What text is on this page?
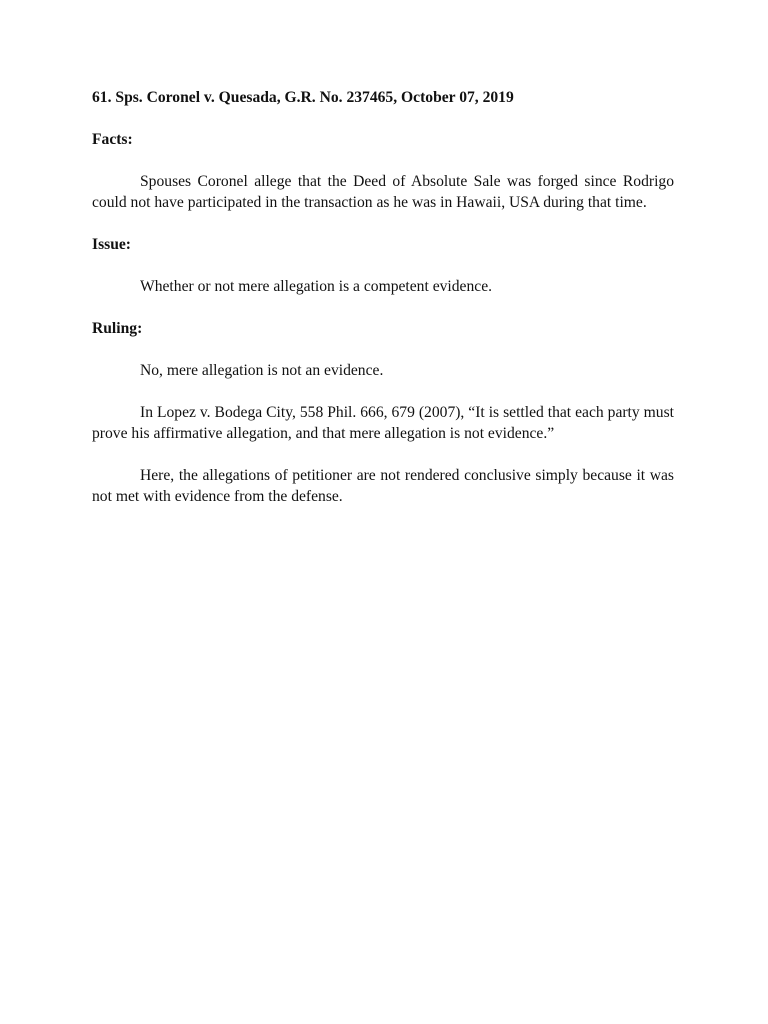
61. Sps. Coronel v. Quesada, G.R. No. 237465, October 07, 2019

Facts:

Spouses Coronel allege that the Deed of Absolute Sale was forged since Rodrigo could not have participated in the transaction as he was in Hawaii, USA during that time.

Issue:

Whether or not mere allegation is a competent evidence.

Ruling:

No, mere allegation is not an evidence.

In Lopez v. Bodega City, 558 Phil. 666, 679 (2007), “It is settled that each party must prove his affirmative allegation, and that mere allegation is not evidence.”

Here, the allegations of petitioner are not rendered conclusive simply because it was not met with evidence from the defense.
